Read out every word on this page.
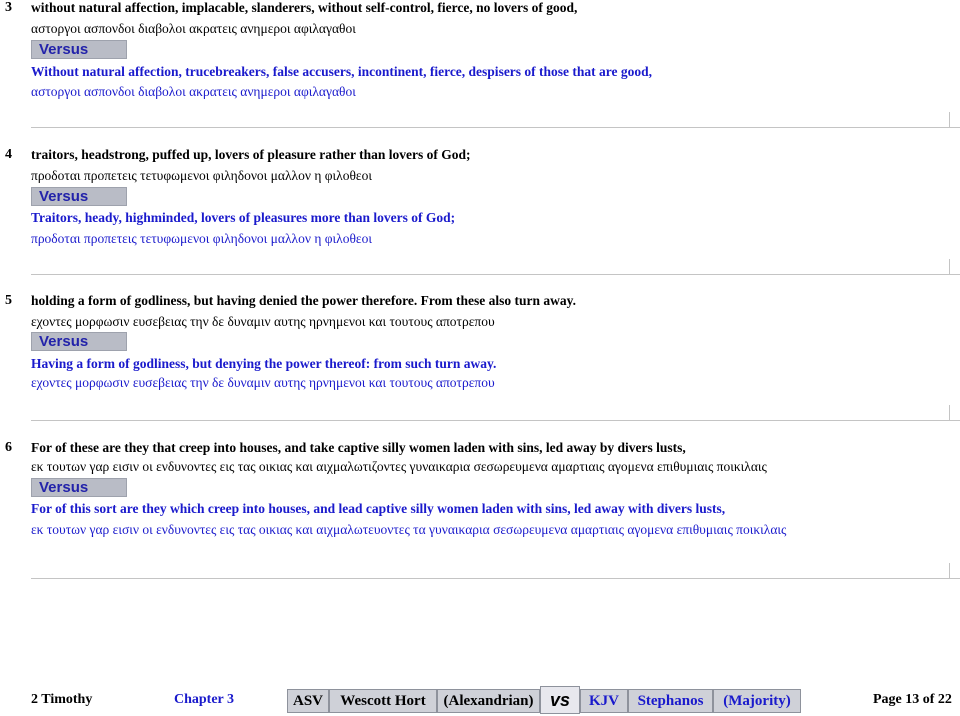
3 without natural affection, implacable, slanderers, without self-control, fierce, no lovers of good,
αστοργοι ασπονδοι διαβολοι ακρατεις ανημεροι αφιλαγαθοι
Versus
Without natural affection, trucebreakers, false accusers, incontinent, fierce, despisers of those that are good,
αστοργοι ασπονδοι διαβολοι ακρατεις ανημεροι αφιλαγαθοι
4 traitors, headstrong, puffed up, lovers of pleasure rather than lovers of God;
προδοται προπετεις τετυφωμενοι φιληδονοι μαλλον η φιλοθεοι
Versus
Traitors, heady, highminded, lovers of pleasures more than lovers of God;
προδοται προπετεις τετυφωμενοι φιληδονοι μαλλον η φιλοθεοι
5 holding a form of godliness, but having denied the power therefore. From these also turn away.
εχοντες μορφωσιν ευσεβειας την δε δυναμιν αυτης ηρνημενοι και τουτους αποτρεπου
Versus
Having a form of godliness, but denying the power thereof: from such turn away.
εχοντες μορφωσιν ευσεβειας την δε δυναμιν αυτης ηρνημενοι και τουτους αποτρεπου
6 For of these are they that creep into houses, and take captive silly women laden with sins, led away by divers lusts,
εκ τουτων γαρ εισιν οι ενδυνοντες εις τας οικιας και αιχμαλωτιζοντες γυναικαρια σεσωρευμενα αμαρτιαις αγομενα επιθυμιαις ποικιλαις
Versus
For of this sort are they which creep into houses, and lead captive silly women laden with sins, led away with divers lusts,
εκ τουτων γαρ εισιν οι ενδυνοντες εις τας οικιας και αιχμαλωτευοντες τα γυναικαρια σεσωρευμενα αμαρτιαις αγομενα επιθυμιαις ποικιλαις
2 Timothy	Chapter 3	ASV	Wescott Hort	(Alexandrian) vs	KJV	Stephanos	(Majority)	Page 13 of 22
